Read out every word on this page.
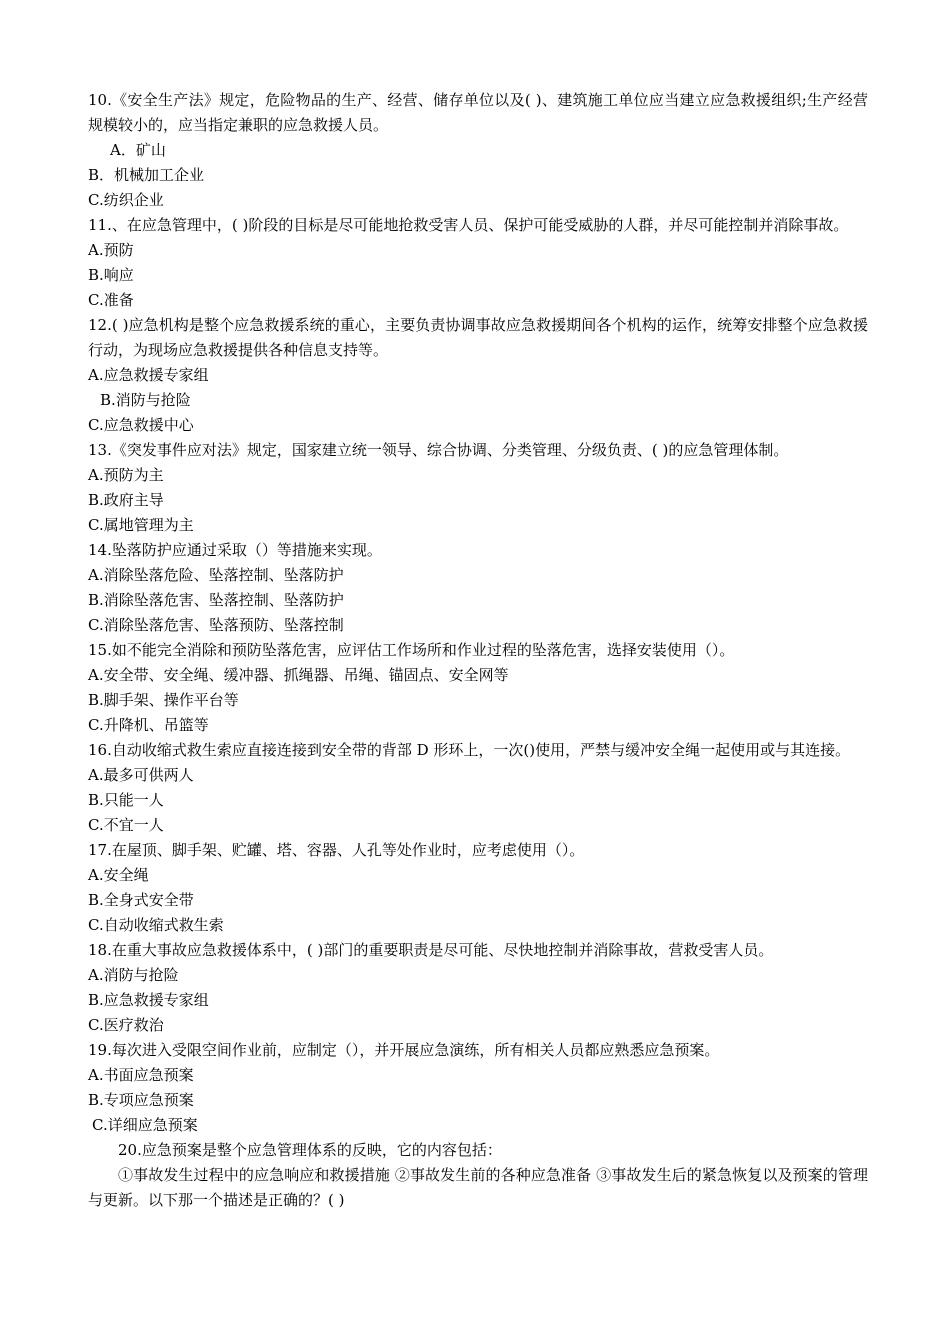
10.《安全生产法》规定，危险物品的生产、经营、储存单位以及( )、建筑施工单位应当建立应急救援组织;生产经营规模较小的，应当指定兼职的应急救援人员。

A．矿山

B．机械加工企业

C.纺织企业

11.、在应急管理中，( )阶段的目标是尽可能地抢救受害人员、保护可能受威胁的人群，并尽可能控制并消除事故。

A.预防

B.响应

C.准备

12.( )应急机构是整个应急救援系统的重心，主要负责协调事故应急救援期间各个机构的运作，统筹安排整个应急救援行动，为现场应急救援提供各种信息支持等。

A.应急救援专家组

B.消防与抢险

C.应急救援中心

13.《突发事件应对法》规定，国家建立统一领导、综合协调、分类管理、分级负责、( )的应急管理体制。

A.预防为主

B.政府主导

C.属地管理为主

14.坠落防护应通过采取（）等措施来实现。

A.消除坠落危险、坠落控制、坠落防护

B.消除坠落危害、坠落控制、坠落防护

C.消除坠落危害、坠落预防、坠落控制

15.如不能完全消除和预防坠落危害，应评估工作场所和作业过程的坠落危害，选择安装使用（）。

A.安全带、安全绳、缓冲器、抓绳器、吊绳、锚固点、安全网等

B.脚手架、操作平台等

C.升降机、吊篮等

16.自动收缩式救生索应直接连接到安全带的背部 D 形环上，一次()使用，严禁与缓冲安全绳一起使用或与其连接。

A.最多可供两人

B.只能一人

C.不宜一人

17.在屋顶、脚手架、贮罐、塔、容器、人孔等处作业时，应考虑使用（）。

A.安全绳

B.全身式安全带

C.自动收缩式救生索

18.在重大事故应急救援体系中，( )部门的重要职责是尽可能、尽快地控制并消除事故，营救受害人员。

A.消防与抢险

B.应急救援专家组

C.医疗救治

19.每次进入受限空间作业前，应制定（），并开展应急演练，所有相关人员都应熟悉应急预案。

A.书面应急预案

B.专项应急预案

C.详细应急预案

20.应急预案是整个应急管理体系的反映，它的内容包括：

①事故发生过程中的应急响应和救援措施 ②事故发生前的各种应急准备 ③事故发生后的紧急恢复以及预案的管理与更新。以下那一个描述是正确的？( )
